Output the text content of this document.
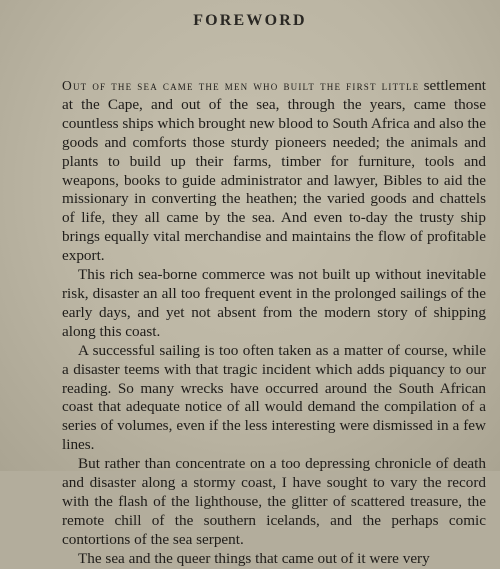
FOREWORD

Out of the sea came the men who built the first little settlement at the Cape, and out of the sea, through the years, came those countless ships which brought new blood to South Africa and also the goods and comforts those sturdy pioneers needed; the animals and plants to build up their farms, timber for furniture, tools and weapons, books to guide administrator and lawyer, Bibles to aid the missionary in converting the heathen; the varied goods and chattels of life, they all came by the sea. And even to-day the trusty ship brings equally vital merchandise and maintains the flow of profitable export.

This rich sea-borne commerce was not built up without inevitable risk, disaster an all too frequent event in the prolonged sailings of the early days, and yet not absent from the modern story of shipping along this coast.

A successful sailing is too often taken as a matter of course, while a disaster teems with that tragic incident which adds piquancy to our reading. So many wrecks have occurred around the South African coast that adequate notice of all would demand the compilation of a series of volumes, even if the less interesting were dismissed in a few lines.

But rather than concentrate on a too depressing chronicle of death and disaster along a stormy coast, I have sought to vary the record with the flash of the lighthouse, the glitter of scattered treasure, the remote chill of the southern icelands, and the perhaps comic contortions of the sea serpent.

The sea and the queer things that came out of it were very
